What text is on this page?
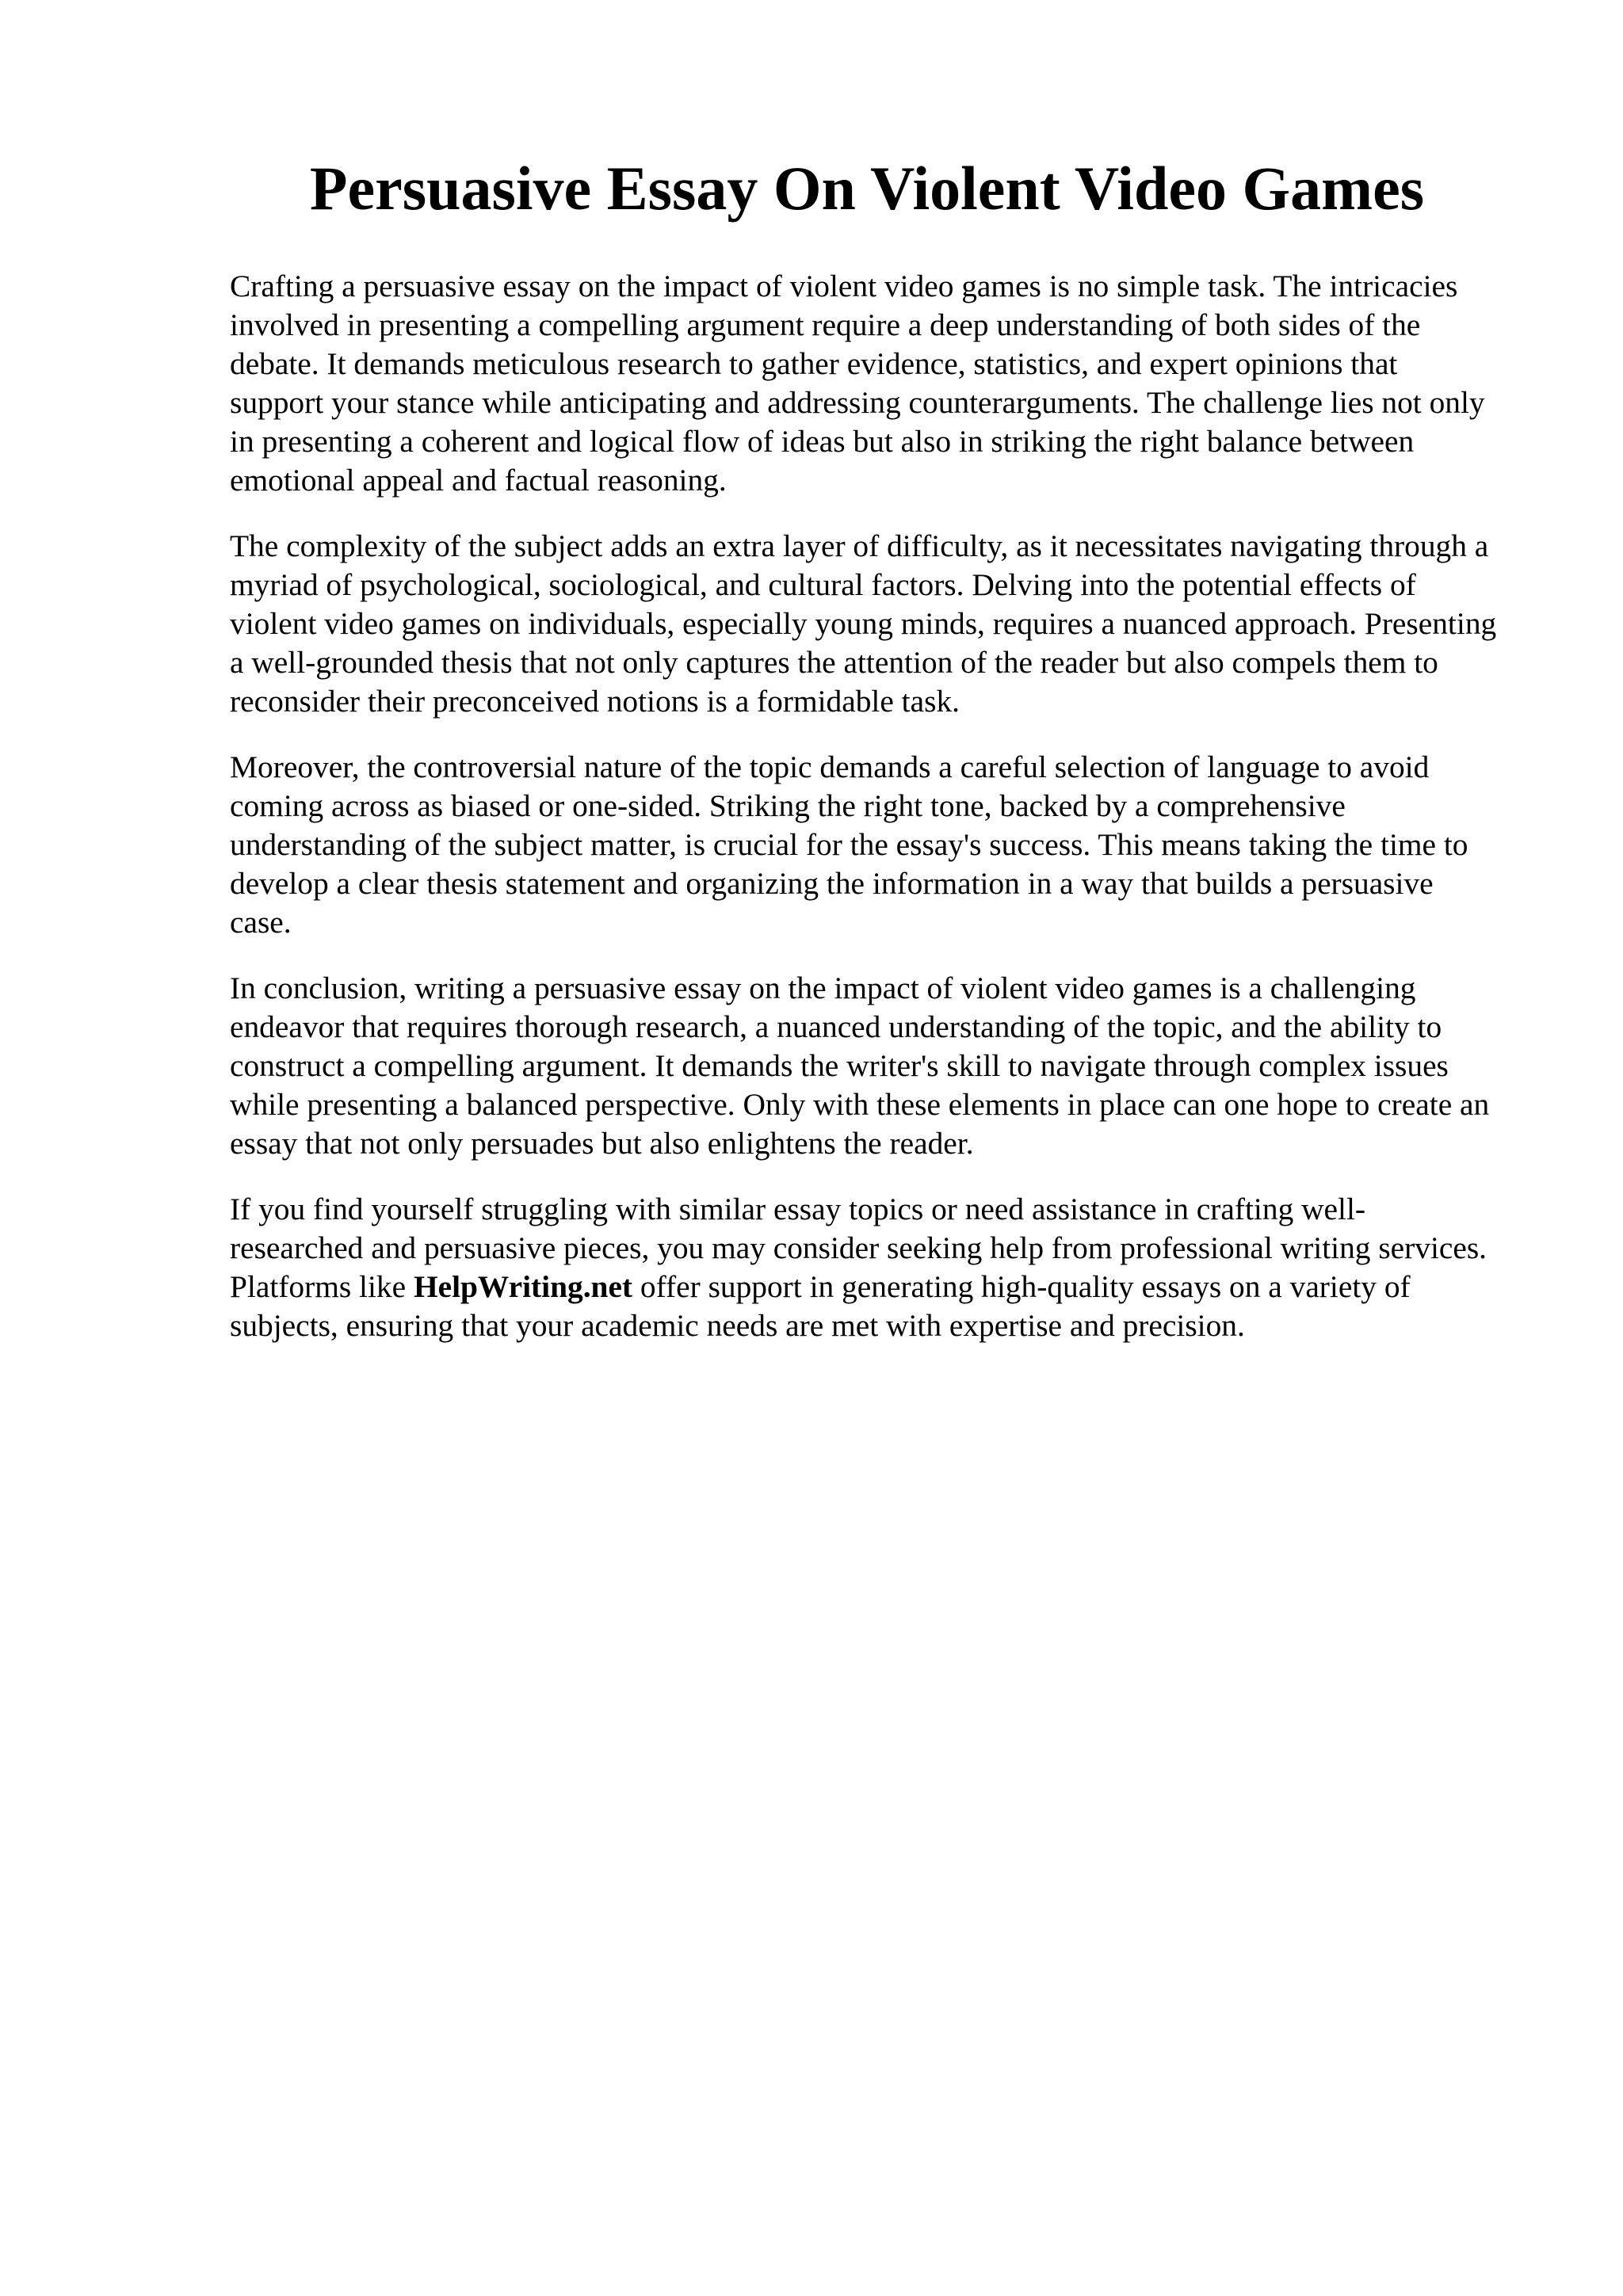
Persuasive Essay On Violent Video Games

Crafting a persuasive essay on the impact of violent video games is no simple task. The intricacies involved in presenting a compelling argument require a deep understanding of both sides of the debate. It demands meticulous research to gather evidence, statistics, and expert opinions that support your stance while anticipating and addressing counterarguments. The challenge lies not only in presenting a coherent and logical flow of ideas but also in striking the right balance between emotional appeal and factual reasoning.

The complexity of the subject adds an extra layer of difficulty, as it necessitates navigating through a myriad of psychological, sociological, and cultural factors. Delving into the potential effects of violent video games on individuals, especially young minds, requires a nuanced approach. Presenting a well-grounded thesis that not only captures the attention of the reader but also compels them to reconsider their preconceived notions is a formidable task.

Moreover, the controversial nature of the topic demands a careful selection of language to avoid coming across as biased or one-sided. Striking the right tone, backed by a comprehensive understanding of the subject matter, is crucial for the essay's success. This means taking the time to develop a clear thesis statement and organizing the information in a way that builds a persuasive case.

In conclusion, writing a persuasive essay on the impact of violent video games is a challenging endeavor that requires thorough research, a nuanced understanding of the topic, and the ability to construct a compelling argument. It demands the writer's skill to navigate through complex issues while presenting a balanced perspective. Only with these elements in place can one hope to create an essay that not only persuades but also enlightens the reader.

If you find yourself struggling with similar essay topics or need assistance in crafting well-researched and persuasive pieces, you may consider seeking help from professional writing services. Platforms like HelpWriting.net offer support in generating high-quality essays on a variety of subjects, ensuring that your academic needs are met with expertise and precision.
